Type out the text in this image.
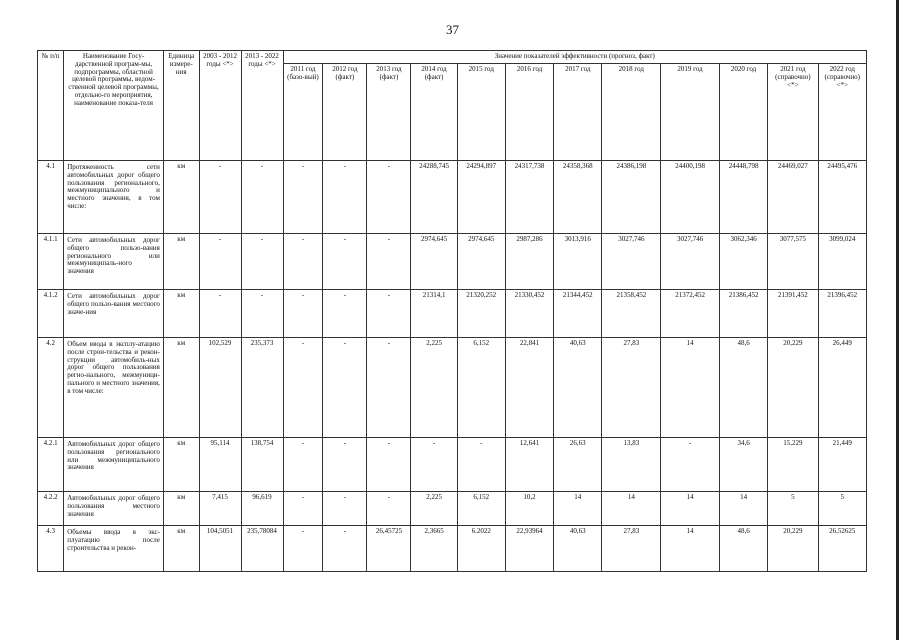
37
№ п/п	Наименование Госу-дарственной програм-мы, подпрограммы, областной целевой программы, ведом-ственной целевой программы, отдельно-го мероприятия, наименование показа-теля	Единица измере-ния	2003 - 2012 годы <*>	2013 - 2022 годы <*>	Значение показателей эффективности (прогноз, факт)											
					2011 год (базо-вый)	2012 год (факт)	2013 год (факт)	2014 год (факт)	2015 год	2016 год	2017 год	2018 год	2019 год	2020 год	2021 год (справочно) <*>	2022 год (справочно) <*>
4.1	Протяженность сети автомобильных дорог общего пользования регионального, межмуниципального и местного значения, в том числе:	км	-	-	-	-	-	24288,745	24294,897	24317,738	24358,368	24386,198	24400,198	24448,798	24469,027	24495,476
4.1.1	Сети автомобильных дорог общего пользо-вания регионального или межмуниципаль-ного значения	км	-	-	-	-	-	2974,645	2974,645	2987,286	3013,916	3027,746	3027,746	3062,346	3077,575	3099,024
4.1.2	Сети автомобильных дорог общего пользо-вания местного значе-ния	км	-	-	-	-	-	21314,1	21320,252	21330,452	21344,452	21358,452	21372,452	21386,452	21391,452	21396,452
4.2	Объем ввода в эксплу-атацию после строи-тельства и рекон-струкции автомобиль-ных дорог общего пользования регио-нального, межмуници-пального и местного значения, в том числе:	км	102,529	235,373	-	-	-	2,225	6,152	22,841	40,63	27,83	14	48,6	20,229	26,449
4.2.1	Автомобильных дорог общего пользования регионального или межмуниципального значения	км	95,114	138,754	-	-	-	-	-	12,641	26,63	13,83	-	34,6	15,229	21,449
4.2.2	Автомобильных дорог общего пользования местного значения	км	7,415	96,619	-	-	-	2,225	6,152	10,2	14	14	14	14	5	5
4.3	Объемы ввода в экс-плуатацию после строительства и рекон-	км	104,5051	235,78084	-	-	26,45725	2,3665	6.2022	22,93964	40,63	27,83	14	48,6	20,229	26,52625
